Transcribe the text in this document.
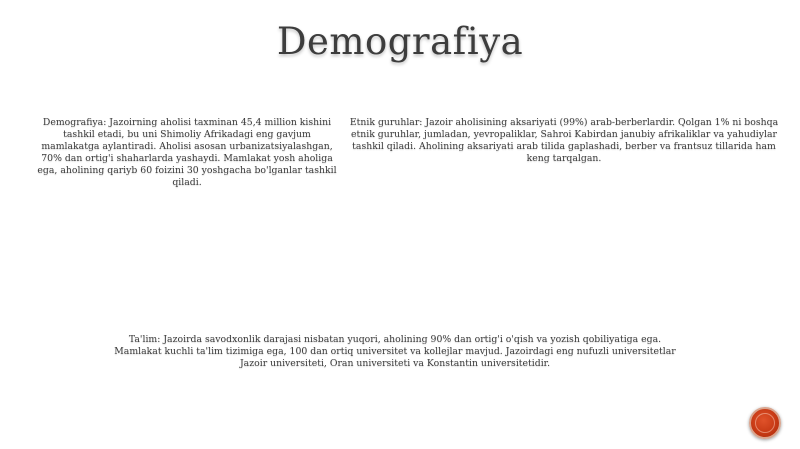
Demografiya
Demografiya: Jazoirning aholisi taxminan 45,4 million kishini tashkil etadi, bu uni Shimoliy Afrikadagi eng gavjum mamlakatga aylantiradi. Aholisi asosan urbanizatsiyalashgan, 70% dan ortig'i shaharlarda yashaydi. Mamlakat yosh aholiga ega, aholining qariyb 60 foizini 30 yoshgacha bo'lganlar tashkil qiladi.
Etnik guruhlar: Jazoir aholisining aksariyati (99%) arab-berberlardir. Qolgan 1% ni boshqa etnik guruhlar, jumladan, yevropaliklar, Sahroi Kabirdan janubiy afrikaliklar va yahudiylar tashkil qiladi. Aholining aksariyati arab tilida gaplashadi, berber va frantsuz tillarida ham keng tarqalgan.
Ta'lim: Jazoirda savodxonlik darajasi nisbatan yuqori, aholining 90% dan ortig'i o'qish va yozish qobiliyatiga ega. Mamlakat kuchli ta'lim tizimiga ega, 100 dan ortiq universitet va kollejlar mavjud. Jazoirdagi eng nufuzli universitetlar Jazoir universiteti, Oran universiteti va Konstantin universitetidir.
